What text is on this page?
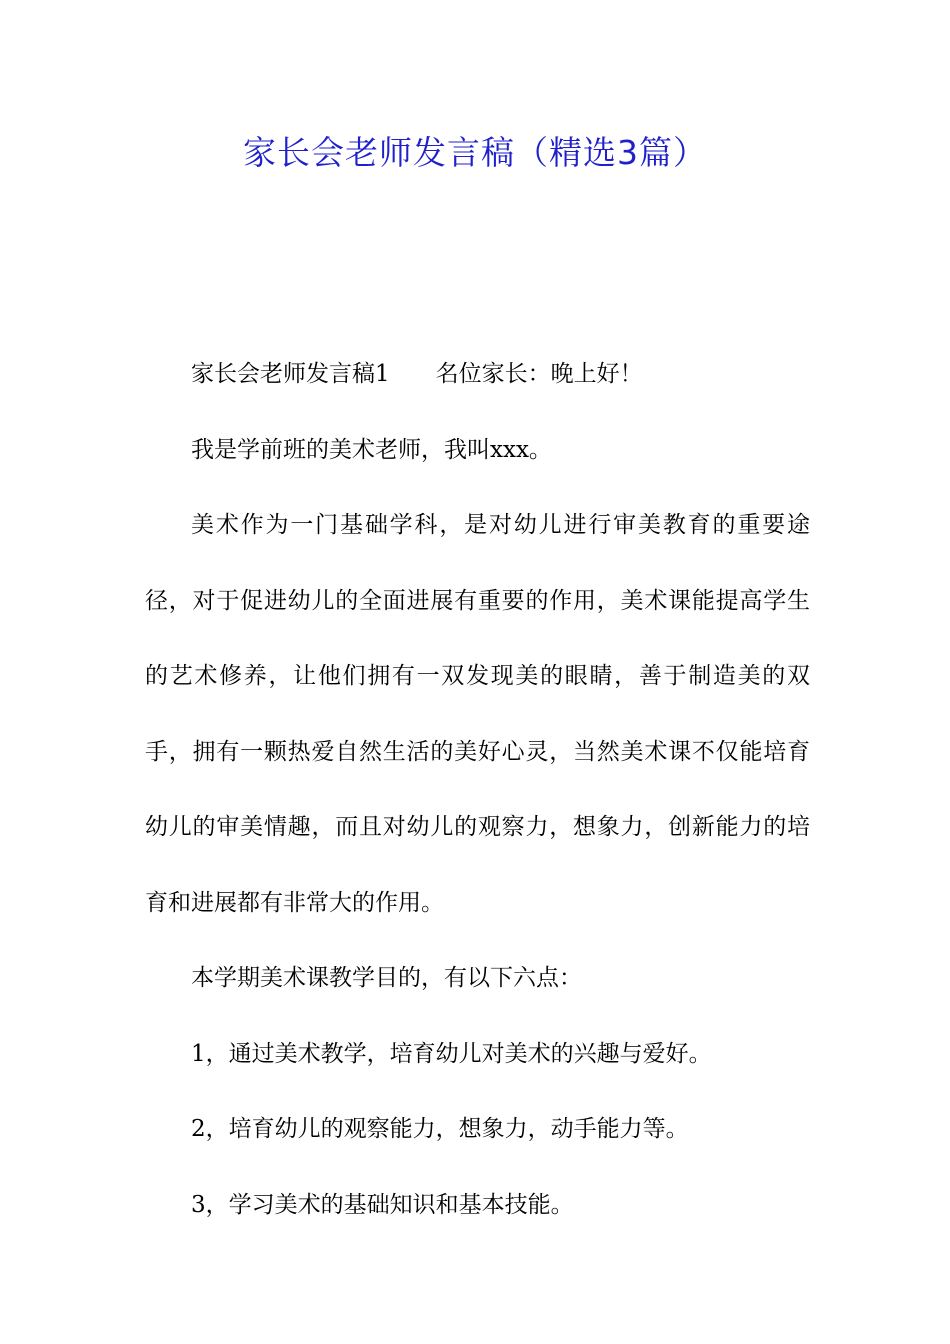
家长会老师发言稿（精选3篇）

家长会老师发言稿1 名位家长：晚上好！

我是学前班的美术老师，我叫xxx。

美术作为一门基础学科，是对幼儿进行审美教育的重要途径，对于促进幼儿的全面进展有重要的作用，美术课能提高学生的艺术修养，让他们拥有一双发现美的眼睛，善于制造美的双手，拥有一颗热爱自然生活的美好心灵，当然美术课不仅能培育幼儿的审美情趣，而且对幼儿的观察力，想象力，创新能力的培育和进展都有非常大的作用。

本学期美术课教学目的，有以下六点：

1，通过美术教学，培育幼儿对美术的兴趣与爱好。

2，培育幼儿的观察能力，想象力，动手能力等。

3，学习美术的基础知识和基本技能。
